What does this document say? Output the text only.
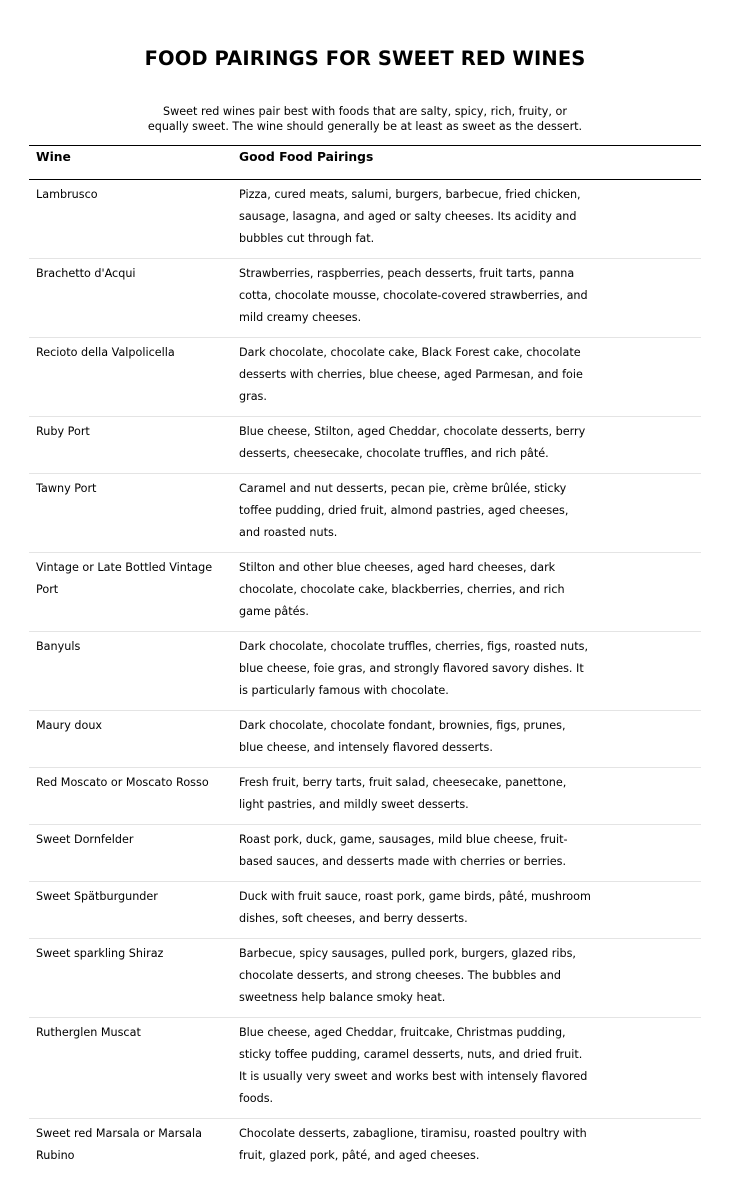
FOOD PAIRINGS FOR SWEET RED WINES

Sweet red wines pair best with foods that are salty, spicy, rich, fruity, or
equally sweet. The wine should generally be at least as sweet as the dessert.

Wine	Good Food Pairings
Lambrusco	Pizza, cured meats, salumi, burgers, barbecue, fried chicken, sausage, lasagna, and aged or salty cheeses. Its acidity and bubbles cut through fat.
Brachetto d'Acqui	Strawberries, raspberries, peach desserts, fruit tarts, panna cotta, chocolate mousse, chocolate-covered strawberries, and mild creamy cheeses.
Recioto della Valpolicella	Dark chocolate, chocolate cake, Black Forest cake, chocolate desserts with cherries, blue cheese, aged Parmesan, and foie gras.
Ruby Port	Blue cheese, Stilton, aged Cheddar, chocolate desserts, berry desserts, cheesecake, chocolate truffles, and rich pâté.
Tawny Port	Caramel and nut desserts, pecan pie, crème brûlée, sticky toffee pudding, dried fruit, almond pastries, aged cheeses, and roasted nuts.
Vintage or Late Bottled Vintage Port	Stilton and other blue cheeses, aged hard cheeses, dark chocolate, chocolate cake, blackberries, cherries, and rich game pâtés.
Banyuls	Dark chocolate, chocolate truffles, cherries, figs, roasted nuts, blue cheese, foie gras, and strongly flavored savory dishes. It is particularly famous with chocolate.
Maury doux	Dark chocolate, chocolate fondant, brownies, figs, prunes, blue cheese, and intensely flavored desserts.
Red Moscato or Moscato Rosso	Fresh fruit, berry tarts, fruit salad, cheesecake, panettone, light pastries, and mildly sweet desserts.
Sweet Dornfelder	Roast pork, duck, game, sausages, mild blue cheese, fruit-based sauces, and desserts made with cherries or berries.
Sweet Spätburgunder	Duck with fruit sauce, roast pork, game birds, pâté, mushroom dishes, soft cheeses, and berry desserts.
Sweet sparkling Shiraz	Barbecue, spicy sausages, pulled pork, burgers, glazed ribs, chocolate desserts, and strong cheeses. The bubbles and sweetness help balance smoky heat.
Rutherglen Muscat	Blue cheese, aged Cheddar, fruitcake, Christmas pudding, sticky toffee pudding, caramel desserts, nuts, and dried fruit. It is usually very sweet and works best with intensely flavored foods.
Sweet red Marsala or Marsala Rubino	Chocolate desserts, zabaglione, tiramisu, roasted poultry with fruit, glazed pork, pâté, and aged cheeses.
